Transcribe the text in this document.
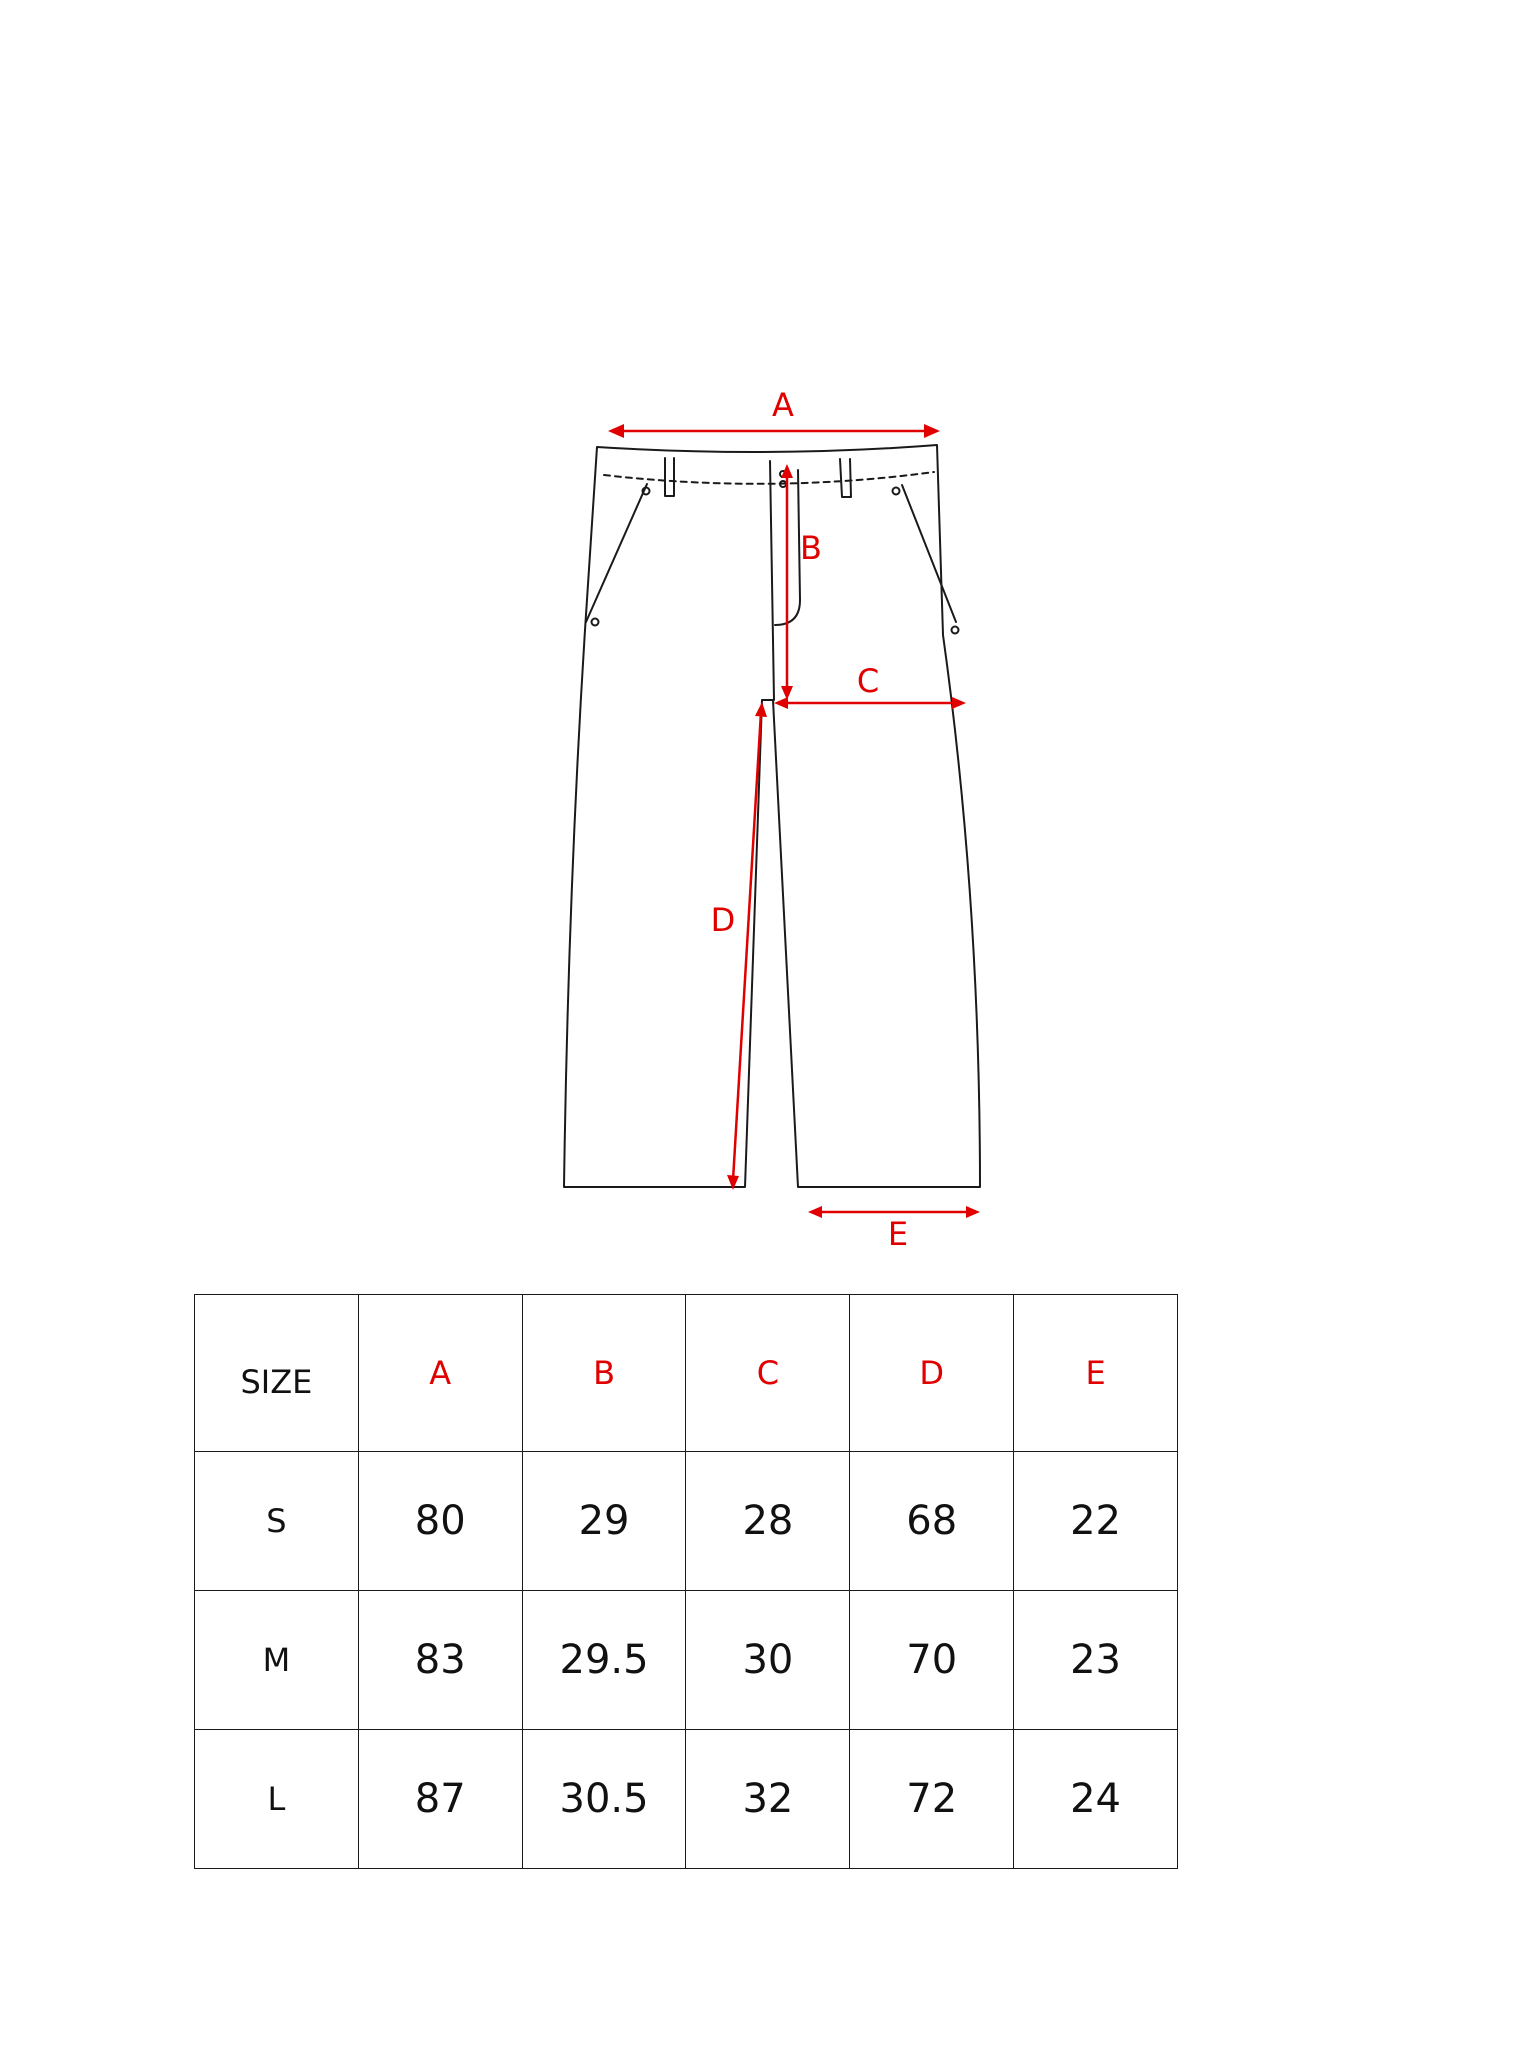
A
B
C
D
E
SIZE	A	B	C	D	E
S	80	29	28	68	22
M	83	29.5	30	70	23
L	87	30.5	32	72	24
